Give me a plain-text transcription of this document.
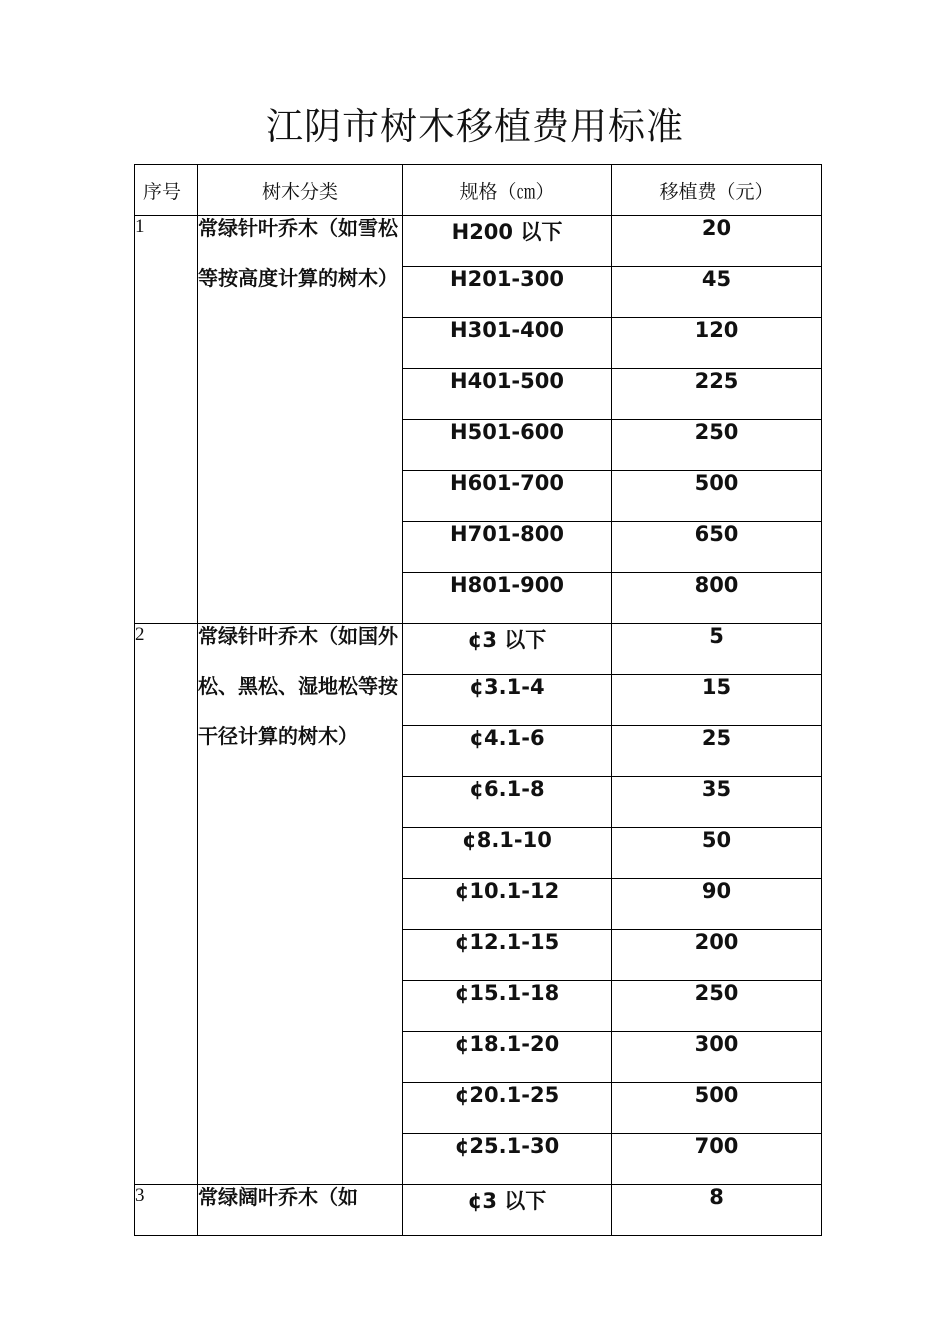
江阴市树木移植费用标准
序号	树木分类	规格（㎝）	移植费（元）
1	常绿针叶乔木（如雪松等按高度计算的树木）	H200 以下	20
		H201-300	45
		H301-400	120
		H401-500	225
		H501-600	250
		H601-700	500
		H701-800	650
		H801-900	800
2	常绿针叶乔木（如国外松、黑松、湿地松等按干径计算的树木）	¢3 以下	5
		¢3.1-4	15
		¢4.1-6	25
		¢6.1-8	35
		¢8.1-10	50
		¢10.1-12	90
		¢12.1-15	200
		¢15.1-18	250
		¢18.1-20	300
		¢20.1-25	500
		¢25.1-30	700
3	常绿阔叶乔木（如	¢3 以下	8
